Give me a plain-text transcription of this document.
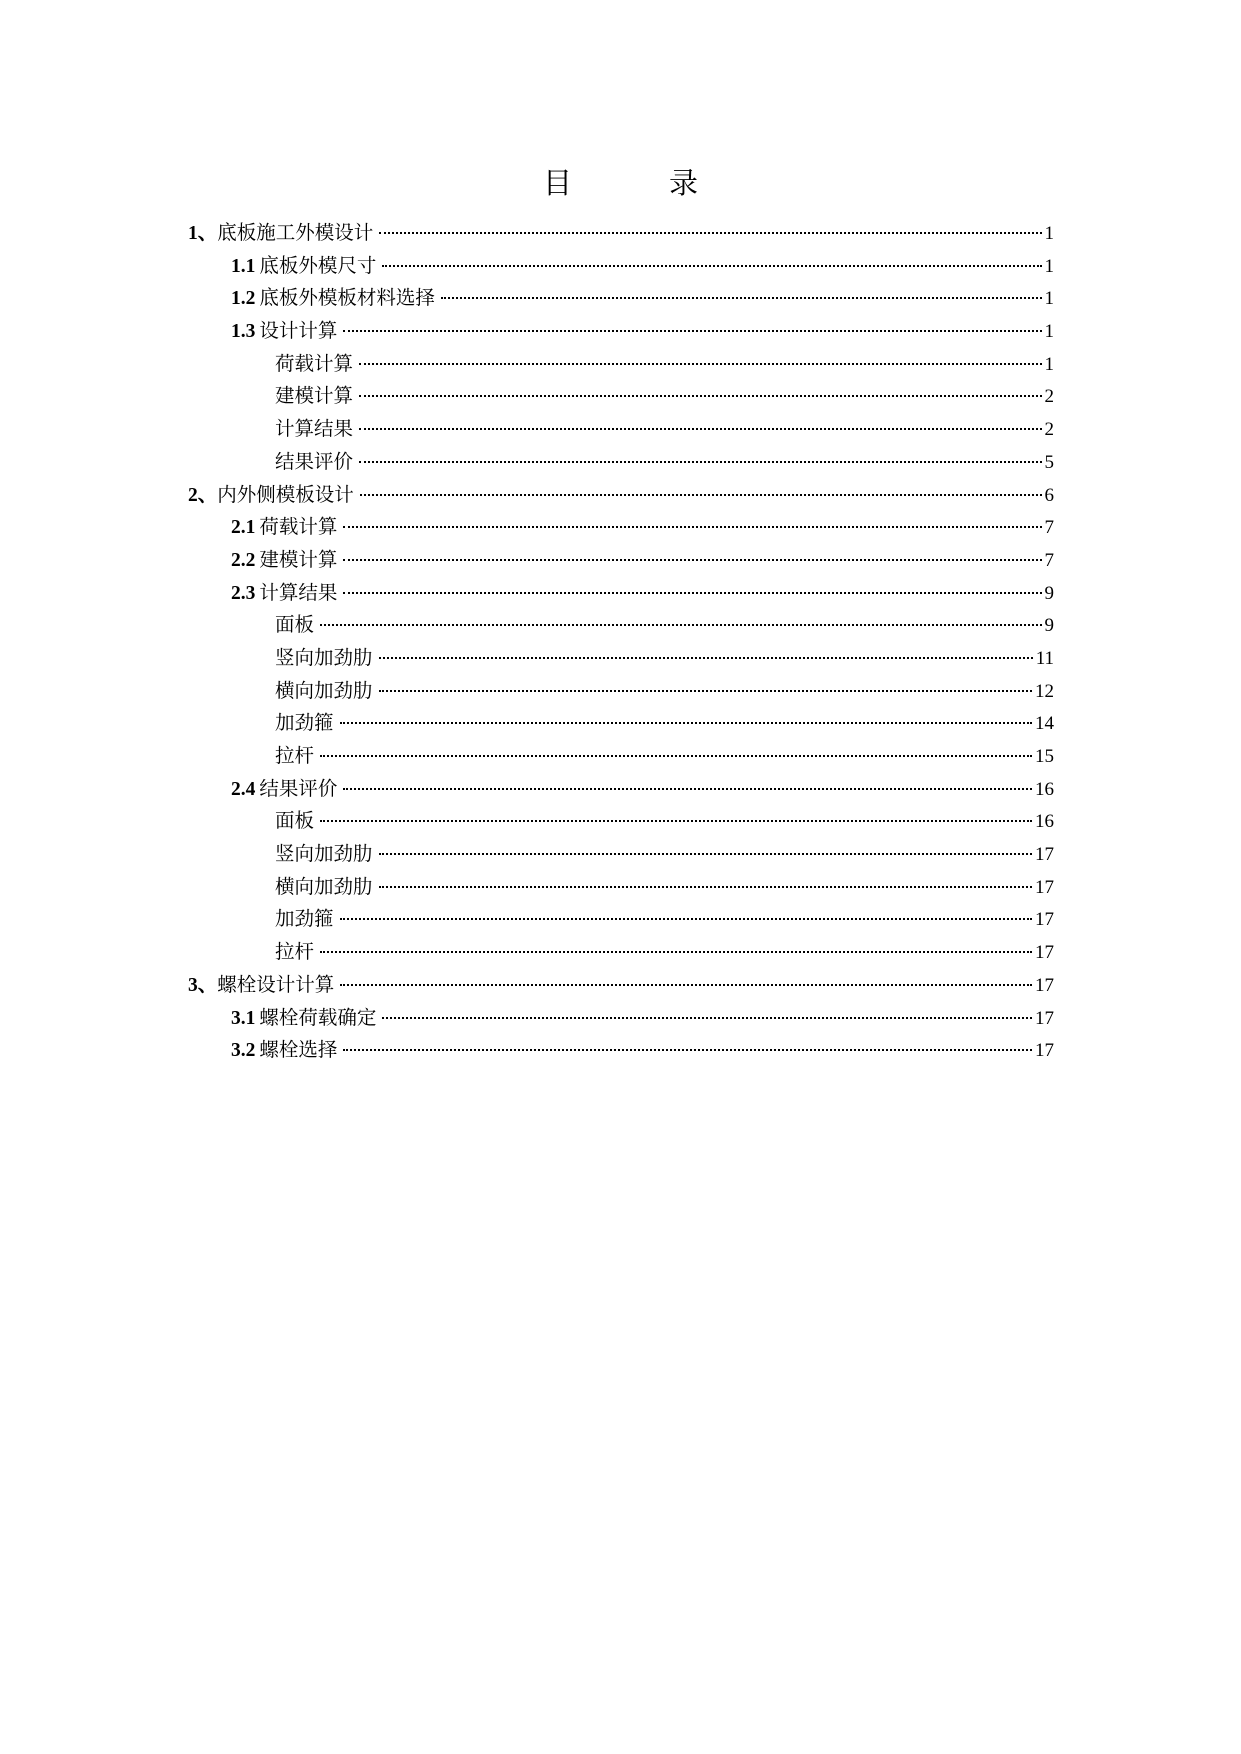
目　录
1、 底板施工外模设计	1
1.1 底板外模尺寸	1
1.2 底板外模板材料选择	1
1.3 设计计算	1
荷载计算	1
建模计算	2
计算结果	2
结果评价	5
2、 内外侧模板设计	6
2.1 荷载计算	7
2.2 建模计算	7
2.3 计算结果	9
面板	9
竖向加劲肋	11
横向加劲肋	12
加劲箍	14
拉杆	15
2.4 结果评价	16
面板	16
竖向加劲肋	17
横向加劲肋	17
加劲箍	17
拉杆	17
3、 螺栓设计计算	17
3.1 螺栓荷载确定	17
3.2 螺栓选择	17
